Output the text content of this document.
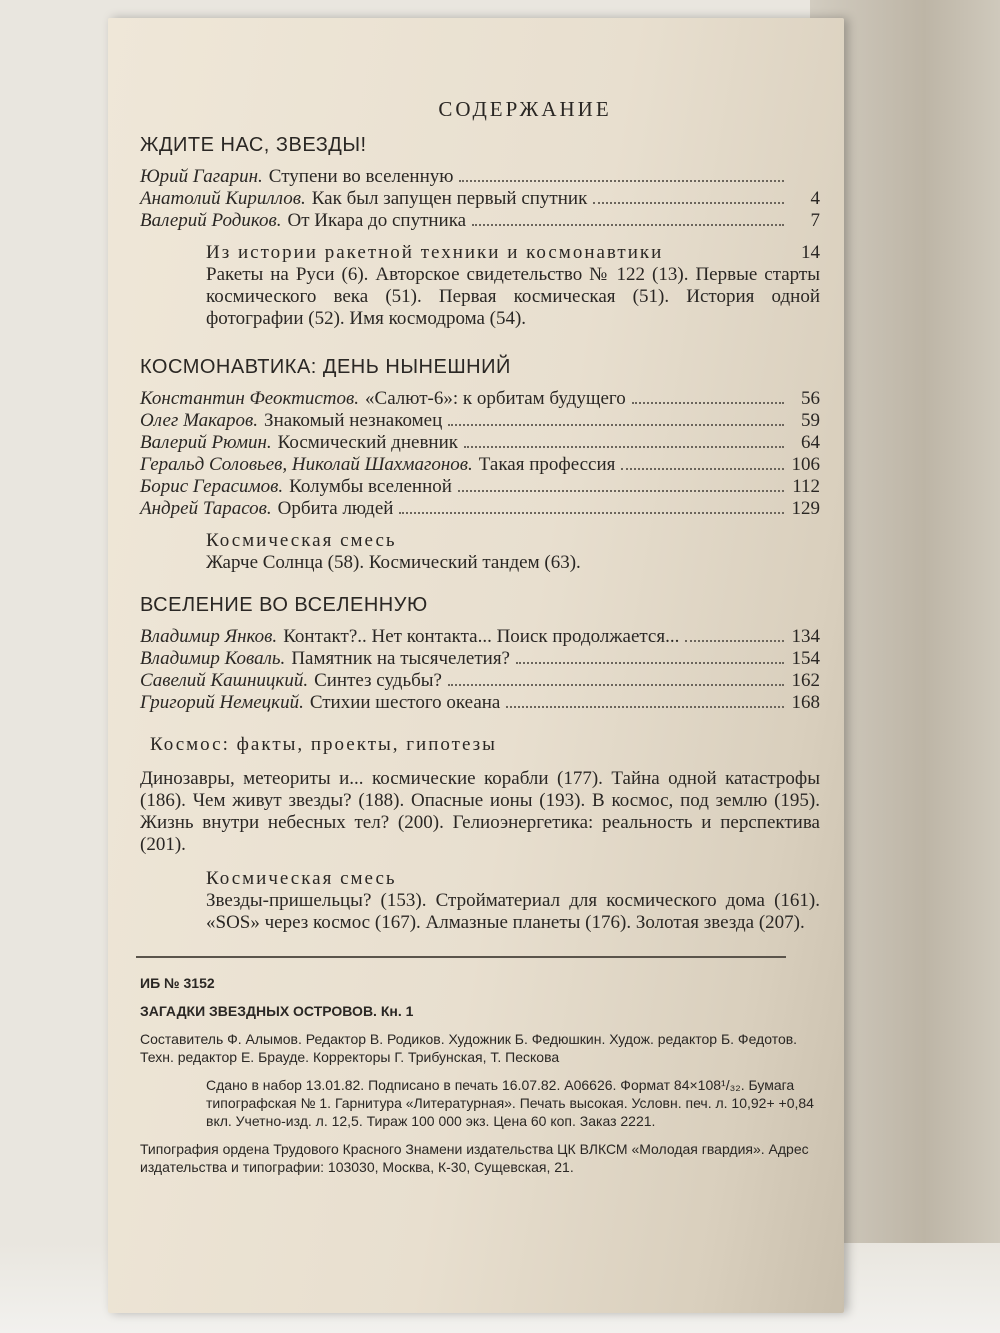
СОДЕРЖАНИЕ
ЖДИТЕ НАС, ЗВЕЗДЫ!
Юрий Гагарин. Ступени во вселенную
Анатолий Кириллов. Как был запущен первый спутник	4
Валерий Родиков. От Икара до спутника	7
Из истории ракетной техники и космонавтики	14
Ракеты на Руси (6). Авторское свидетельство № 122 (13). Первые старты космического века (51). Первая космическая (51). История одной фотографии (52). Имя космодрома (54).
КОСМОНАВТИКА: ДЕНЬ НЫНЕШНИЙ
Константин Феоктистов. «Салют-6»: к орбитам будущего	56
Олег Макаров. Знакомый незнакомец	59
Валерий Рюмин. Космический дневник	64
Геральд Соловьев, Николай Шахмагонов. Такая профессия	106
Борис Герасимов. Колумбы вселенной	112
Андрей Тарасов. Орбита людей	129
Космическая смесь
Жарче Солнца (58). Космический тандем (63).
ВСЕЛЕНИЕ ВО ВСЕЛЕННУЮ
Владимир Янков. Контакт?.. Нет контакта... Поиск продолжается...	134
Владимир Коваль. Памятник на тысячелетия?	154
Савелий Кашницкий. Синтез судьбы?	162
Григорий Немецкий. Стихии шестого океана	168
Космос: факты, проекты, гипотезы
Динозавры, метеориты и... космические корабли (177). Тайна одной катастрофы (186). Чем живут звезды? (188). Опасные ионы (193). В космос, под землю (195). Жизнь внутри небесных тел? (200). Гелиоэнергетика: реальность и перспектива (201).
Космическая смесь
Звезды-пришельцы? (153). Стройматериал для космического дома (161). «SOS» через космос (167). Алмазные планеты (176). Золотая звезда (207).
ИБ № 3152
ЗАГАДКИ ЗВЕЗДНЫХ ОСТРОВОВ. Кн. 1
Составитель Ф. Алымов. Редактор В. Родиков. Художник Б. Федюшкин. Худож. редактор Б. Федотов. Техн. редактор Е. Брауде. Корректоры Г. Трибунская, Т. Пескова
Сдано в набор 13.01.82. Подписано в печать 16.07.82. А06626. Формат 84×108¹/₃₂. Бумага типографская № 1. Гарнитура «Литературная». Печать высокая. Условн. печ. л. 10,92+ +0,84 вкл. Учетно-изд. л. 12,5. Тираж 100 000 экз. Цена 60 коп. Заказ 2221.
Типография ордена Трудового Красного Знамени издательства ЦК ВЛКСМ «Молодая гвардия». Адрес издательства и типографии: 103030, Москва, К-30, Сущевская, 21.
